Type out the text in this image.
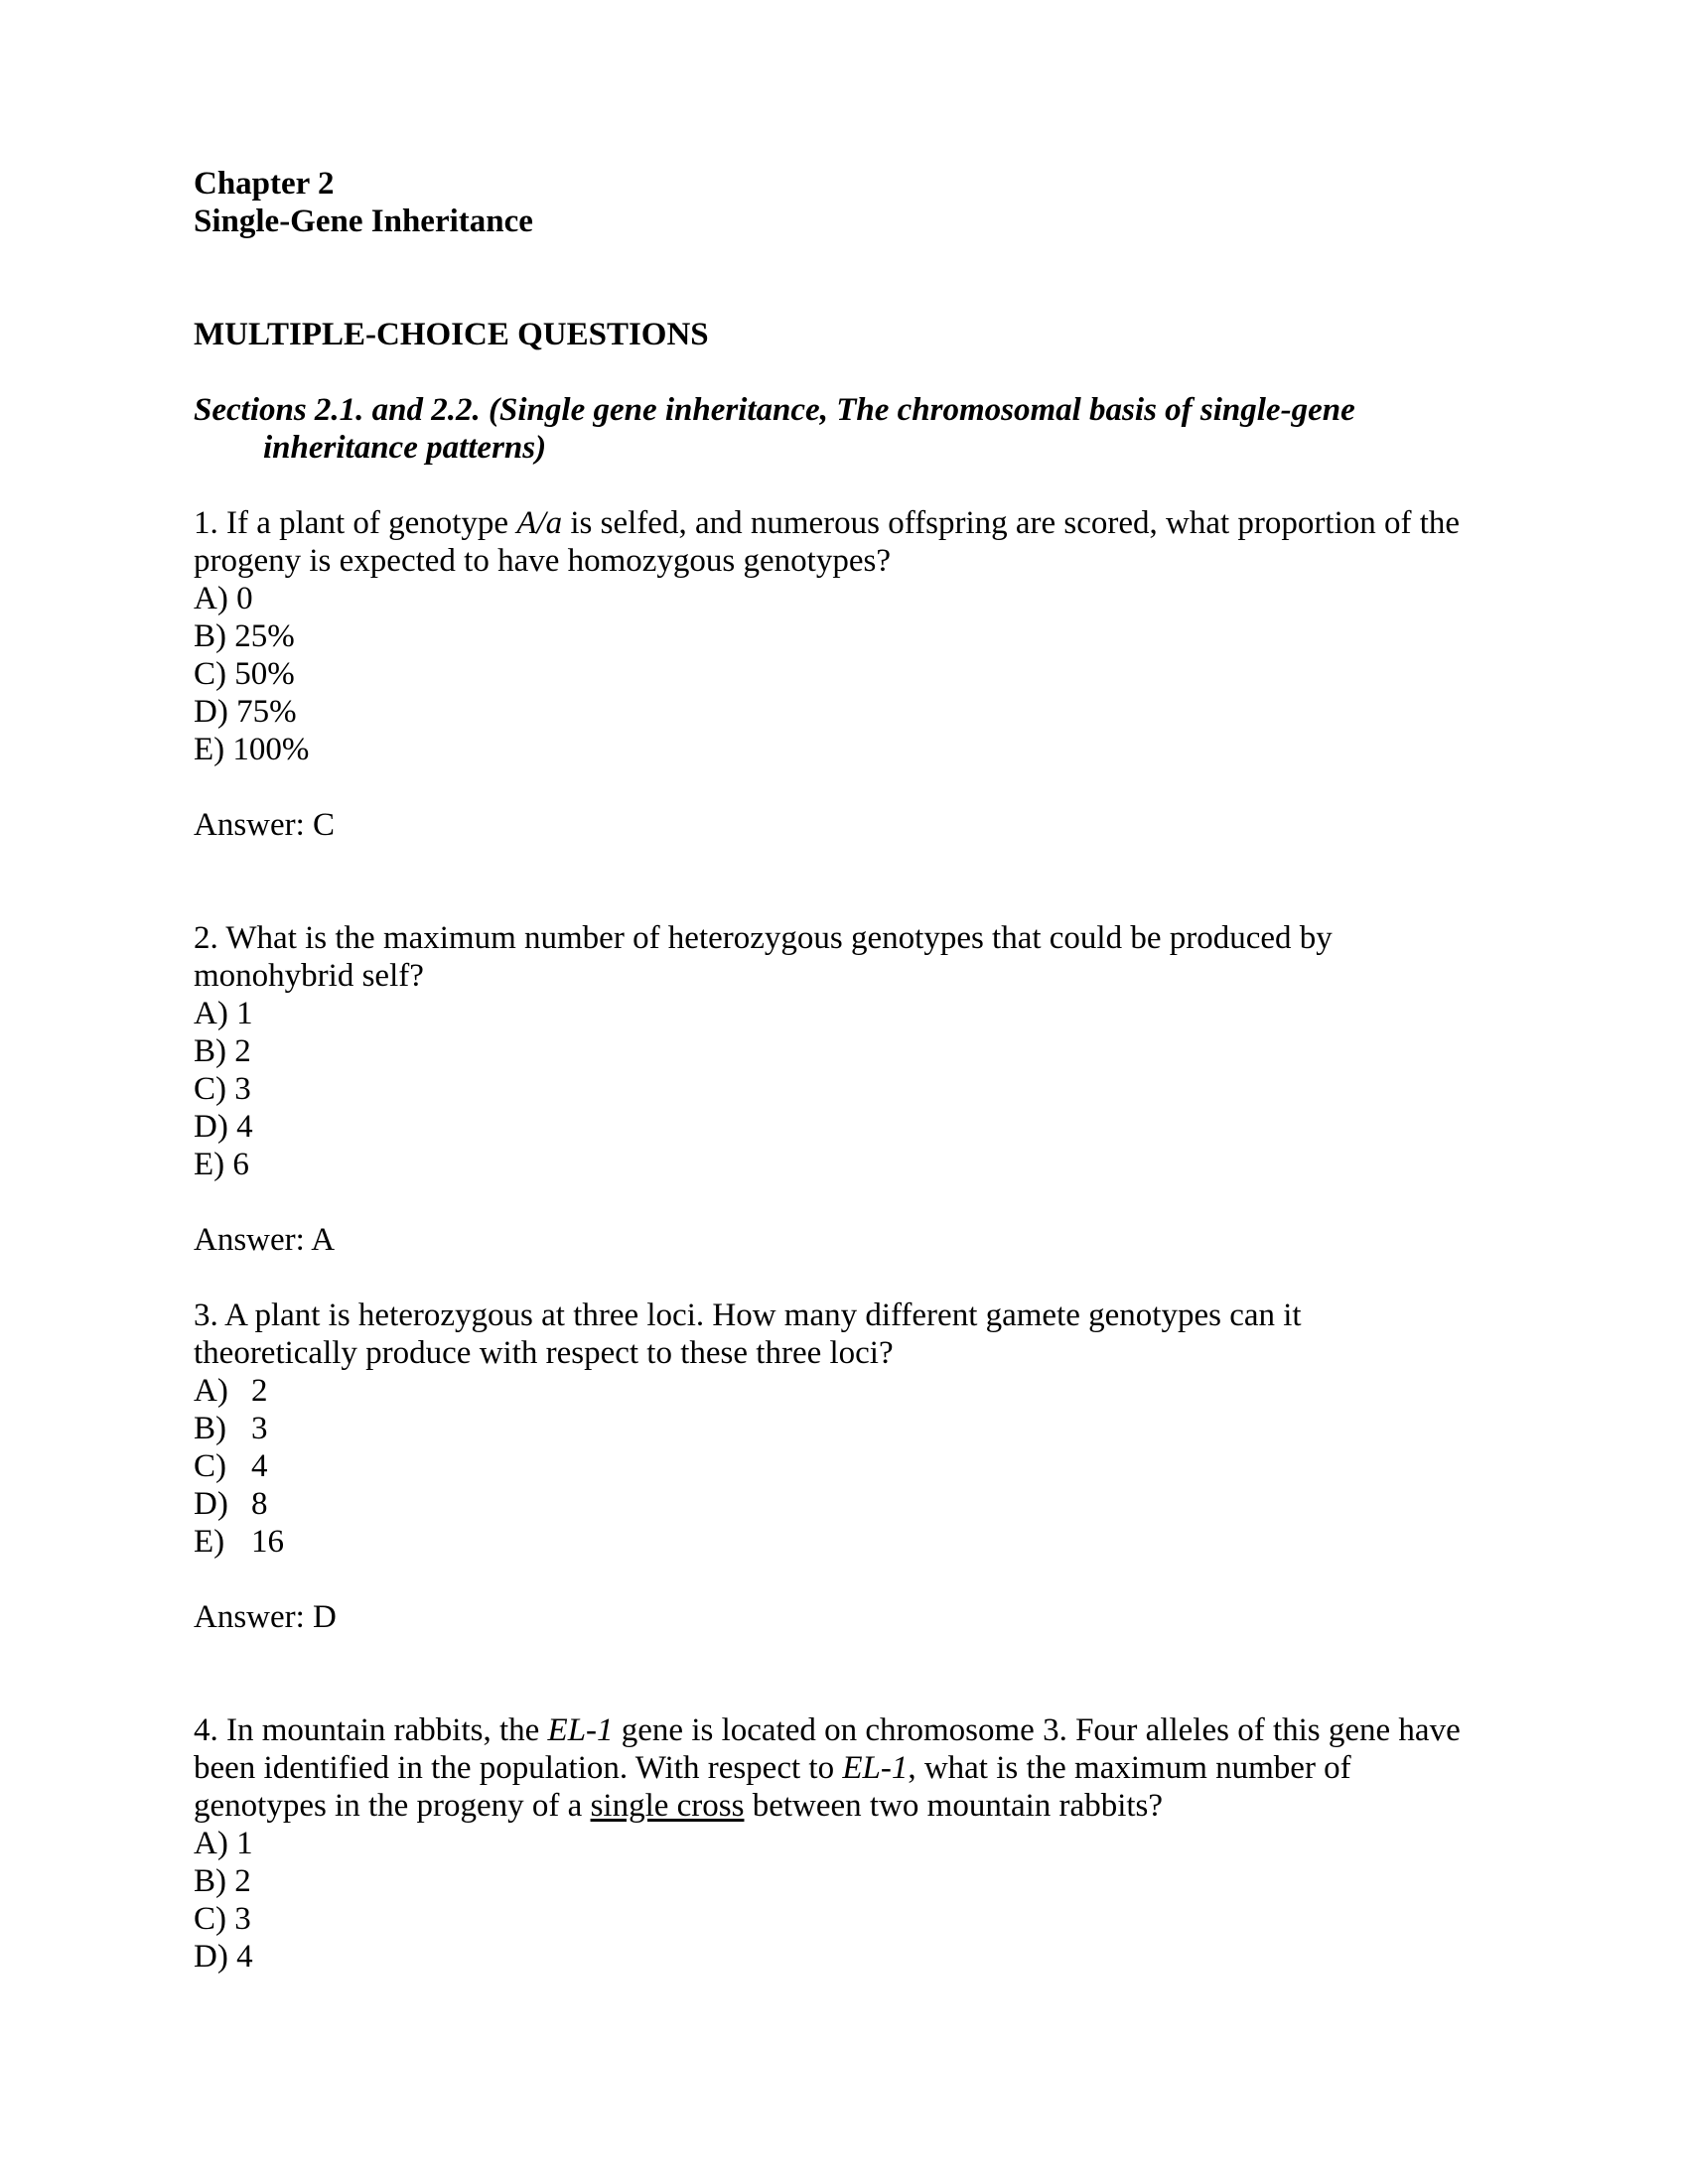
Chapter 2
Single-Gene Inheritance
MULTIPLE-CHOICE QUESTIONS
Sections 2.1. and 2.2. (Single gene inheritance, The chromosomal basis of single-gene
inheritance patterns)
1. If a plant of genotype A/a is selfed, and numerous offspring are scored, what proportion of the
progeny is expected to have homozygous genotypes?
A) 0
B) 25%
C) 50%
D) 75%
E) 100%
Answer: C
2. What is the maximum number of heterozygous genotypes that could be produced by
monohybrid self?
A) 1
B) 2
C) 3
D) 4
E) 6
Answer: A
3. A plant is heterozygous at three loci. How many different gamete genotypes can it
theoretically produce with respect to these three loci?
A) 2
B) 3
C) 4
D) 8
E) 16
Answer: D
4. In mountain rabbits, the EL-1 gene is located on chromosome 3. Four alleles of this gene have
been identified in the population. With respect to EL-1, what is the maximum number of
genotypes in the progeny of a single cross between two mountain rabbits?
A) 1
B) 2
C) 3
D) 4
